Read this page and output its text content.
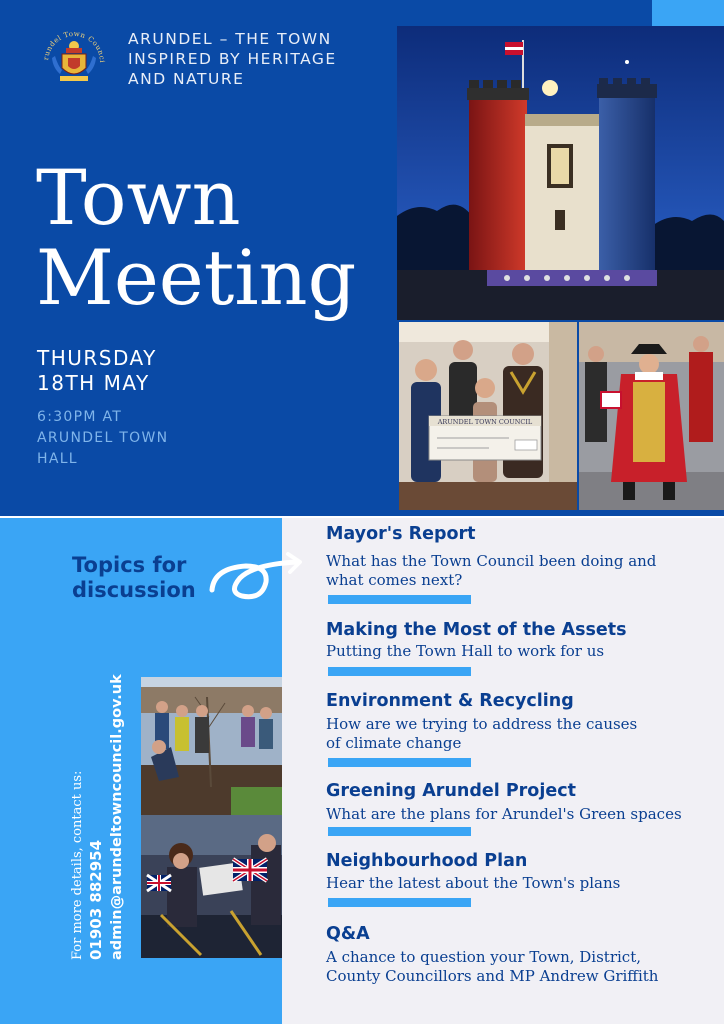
rundel Town Counci
ARUNDEL – THE TOWN
INSPIRED BY HERITAGE
AND NATURE
Town
Meeting
THURSDAY
18TH MAY
6:30PM AT
ARUNDEL TOWN
HALL
ARUNDEL TOWN COUNCIL
Topics for
discussion
For more details, contact us: 01903 882954 admin@arundeltowncouncil.gov.uk
Mayor's Report
What has the Town Council been doing and
what comes next?
Making the Most of the Assets
Putting the Town Hall to work for us
Environment & Recycling
How are we trying to address the causes
of climate change
Greening Arundel Project
What are the plans for Arundel's Green spaces
Neighbourhood Plan
Hear the latest about the Town's plans
Q&A
A chance to question your Town, District,
County Councillors and MP Andrew Griffith
